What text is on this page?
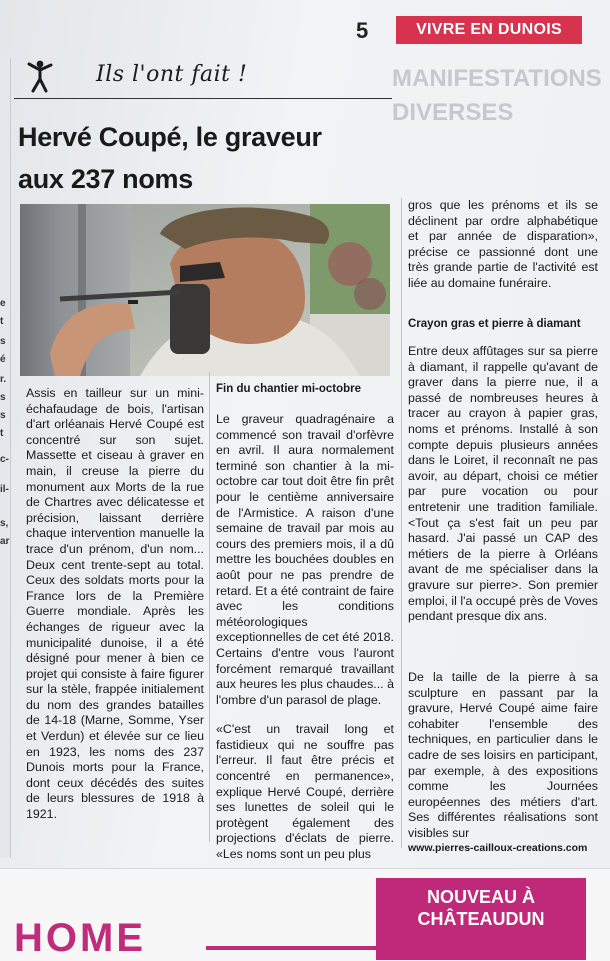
e
t
s
é
r.
s
s
t
c-
il-
s,
ar
5	VIVRE EN DUNOIS
MANIFESTATIONS
DIVERSES
Ils l'ont fait !
Hervé Coupé, le graveur
aux 237 noms

Assis en tailleur sur un mini-échafaudage de bois, l'artisan d'art orléanais Hervé Coupé est concentré sur son sujet. Massette et ciseau à graver en main, il creuse la pierre du monument aux Morts de la rue de Chartres avec délicatesse et précision, laissant derrière chaque intervention manuelle la trace d'un prénom, d'un nom... Deux cent trente-sept au total. Ceux des soldats morts pour la France lors de la Première Guerre mondiale. Après les échanges de rigueur avec la municipalité dunoise, il a été désigné pour mener à bien ce projet qui consiste à faire figurer sur la stèle, frappée initialement du nom des grandes batailles de 14-18 (Marne, Somme, Yser et Verdun) et élevée sur ce lieu en 1923, les noms des 237 Dunois morts pour la France, dont ceux décédés des suites de leurs blessures de 1918 à 1921.

Fin du chantier mi-octobre

Le graveur quadragénaire a commencé son travail d'orfèvre en avril. Il aura normalement terminé son chantier à la mi-octobre car tout doit être fin prêt pour le centième anniversaire de l'Armistice. A raison d'une semaine de travail par mois au cours des premiers mois, il a dû mettre les bouchées doubles en août pour ne pas prendre de retard. Et a été contraint de faire avec les conditions météorologiques exceptionnelles de cet été 2018. Certains d'entre vous l'auront forcément remarqué travaillant aux heures les plus chaudes... à l'ombre d'un parasol de plage.

«C'est un travail long et fastidieux qui ne souffre pas l'erreur. Il faut être précis et concentré en permanence», explique Hervé Coupé, derrière ses lunettes de soleil qui le protègent également des projections d'éclats de pierre. «Les noms sont un peu plus

gros que les prénoms et ils se déclinent par ordre alphabétique et par année de disparation», précise ce passionné dont une très grande partie de l'activité est liée au domaine funéraire.

Crayon gras et pierre à diamant

Entre deux affûtages sur sa pierre à diamant, il rappelle qu'avant de graver dans la pierre nue, il a passé de nombreuses heures à tracer au crayon à papier gras, noms et prénoms. Installé à son compte depuis plusieurs années dans le Loiret, il reconnaît ne pas avoir, au départ, choisi ce métier par pure vocation ou pour entretenir une tradition familiale. <Tout ça s'est fait un peu par hasard. J'ai passé un CAP des métiers de la pierre à Orléans avant de me spécialiser dans la gravure sur pierre>. Son premier emploi, il l'a occupé près de Voves pendant presque dix ans.

De la taille de la pierre à sa sculpture en passant par la gravure, Hervé Coupé aime faire cohabiter l'ensemble des techniques, en particulier dans le cadre de ses loisirs en participant, par exemple, à des expositions comme les Journées européennes des métiers d'art. Ses différentes réalisations sont visibles sur

www.pierres-cailloux-creations.com

HOME
NOUVEAU À
CHÂTEAUDUN
